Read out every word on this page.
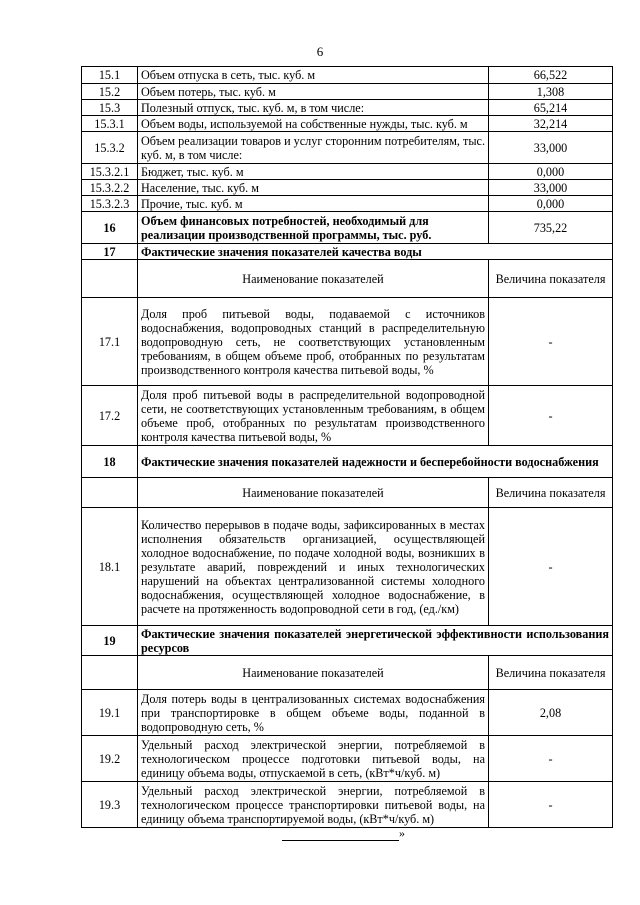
6
15.1	Объем отпуска в сеть, тыс. куб. м	66,522
15.2	Объем потерь, тыс. куб. м	1,308
15.3	Полезный отпуск, тыс. куб. м, в том числе:	65,214
15.3.1	Объем воды, используемой на собственные нужды, тыс. куб. м	32,214
15.3.2	Объем реализации товаров и услуг сторонним потребителям, тыс. куб. м, в том числе:	33,000
15.3.2.1	Бюджет, тыс. куб. м	0,000
15.3.2.2	Население, тыс. куб. м	33,000
15.3.2.3	Прочие, тыс. куб. м	0,000
16	Объем финансовых потребностей, необходимый для реализации производственной программы, тыс. руб.	735,22
17	Фактические значения показателей качества воды	
	Наименование показателей	Величина показателя
17.1	Доля проб питьевой воды, подаваемой с источников водоснабжения, водопроводных станций в распределительную водопроводную сеть, не соответствующих установленным требованиям, в общем объеме проб, отобранных по результатам производственного контроля качества питьевой воды, %	-
17.2	Доля проб питьевой воды в распределительной водопроводной сети, не соответствующих установленным требованиям, в общем объеме проб, отобранных по результатам производственного контроля качества питьевой воды, %	-
18	Фактические значения показателей надежности и бесперебойности водоснабжения	
	Наименование показателей	Величина показателя
18.1	Количество перерывов в подаче воды, зафиксированных в местах исполнения обязательств организацией, осуществляющей холодное водоснабжение, по подаче холодной воды, возникших в результате аварий, повреждений и иных технологических нарушений на объектах централизованной системы холодного водоснабжения, осуществляющей холодное водоснабжение, в расчете на протяженность водопроводной сети в год, (ед./км)	-
19	Фактические значения показателей энергетической эффективности использования ресурсов	
	Наименование показателей	Величина показателя
19.1	Доля потерь воды в централизованных системах водоснабжения при транспортировке в общем объеме воды, поданной в водопроводную сеть, %	2,08
19.2	Удельный расход электрической энергии, потребляемой в технологическом процессе подготовки питьевой воды, на единицу объема воды, отпускаемой в сеть, (кВт*ч/куб. м)	-
19.3	Удельный расход электрической энергии, потребляемой в технологическом процессе транспортировки питьевой воды, на единицу объема транспортируемой воды, (кВт*ч/куб. м)	-
»
